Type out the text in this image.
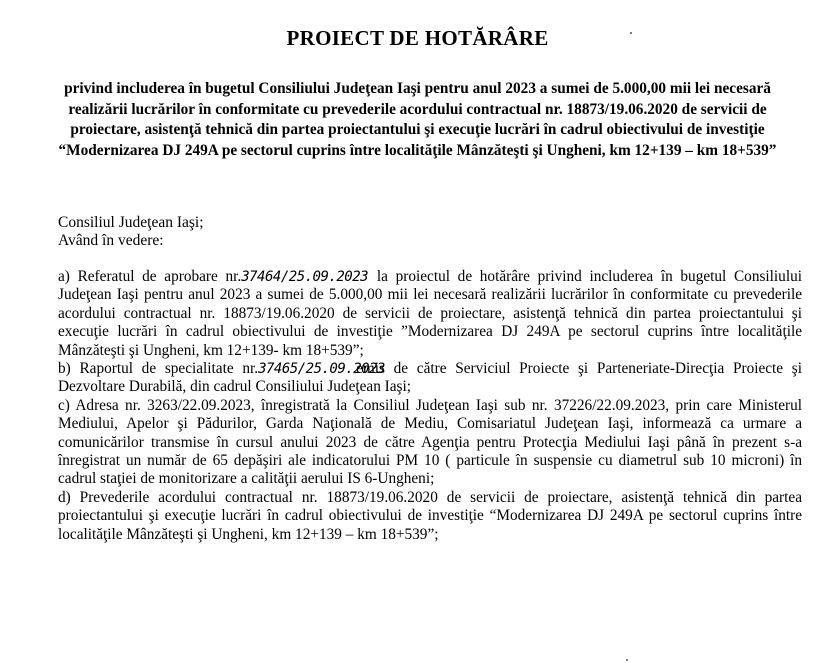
PROIECT DE HOTĂRÂRE
privind includerea în bugetul Consiliului Judeţean Iaşi pentru anul 2023 a sumei de 5.000,00 mii lei necesară realizării lucrărilor în conformitate cu prevederile acordului contractual nr. 18873/19.06.2020 de servicii de proiectare, asistenţă tehnică din partea proiectantului şi execuţie lucrări în cadrul obiectivului de investiţie “Modernizarea DJ 249A pe sectorul cuprins între localităţile Mânzăteşti şi Ungheni, km 12+139 – km 18+539”
Consiliul Judeţean Iaşi;
Având în vedere:

a) Referatul de aprobare nr.37464/25.09.2023 la proiectul de hotărâre privind includerea în bugetul Consiliului Judeţean Iaşi pentru anul 2023 a sumei de 5.000,00 mii lei necesară realizării lucrărilor în conformitate cu prevederile acordului contractual nr. 18873/19.06.2020 de servicii de proiectare, asistenţă tehnică din partea proiectantului şi execuţie lucrări în cadrul obiectivului de investiţie ”Modernizarea DJ 249A pe sectorul cuprins între localităţile Mânzăteşti şi Ungheni, km 12+139- km 18+539”;

b) Raportul de specialitate nr.37465/25.09.2023emis de către Serviciul Proiecte şi Parteneriate-Direcţia Proiecte şi Dezvoltare Durabilă, din cadrul Consiliului Judeţean Iaşi;

c) Adresa nr. 3263/22.09.2023, înregistrată la Consiliul Judeţean Iaşi sub nr. 37226/22.09.2023, prin care Ministerul Mediului, Apelor şi Pădurilor, Garda Naţională de Mediu, Comisariatul Judeţean Iaşi, informează ca urmare a comunicărilor transmise în cursul anului 2023 de către Agenţia pentru Protecţia Mediului Iaşi până în prezent s-a înregistrat un număr de 65 depăşiri ale indicatorului PM 10 ( particule în suspensie cu diametrul sub 10 microni) în cadrul staţiei de monitorizare a calităţii aerului IS 6-Ungheni;

d) Prevederile acordului contractual nr. 18873/19.06.2020 de servicii de proiectare, asistenţă tehnică din partea proiectantului şi execuţie lucrări în cadrul obiectivului de investiţie “Modernizarea DJ 249A pe sectorul cuprins între localităţile Mânzăteşti şi Ungheni, km 12+139 – km 18+539”;
